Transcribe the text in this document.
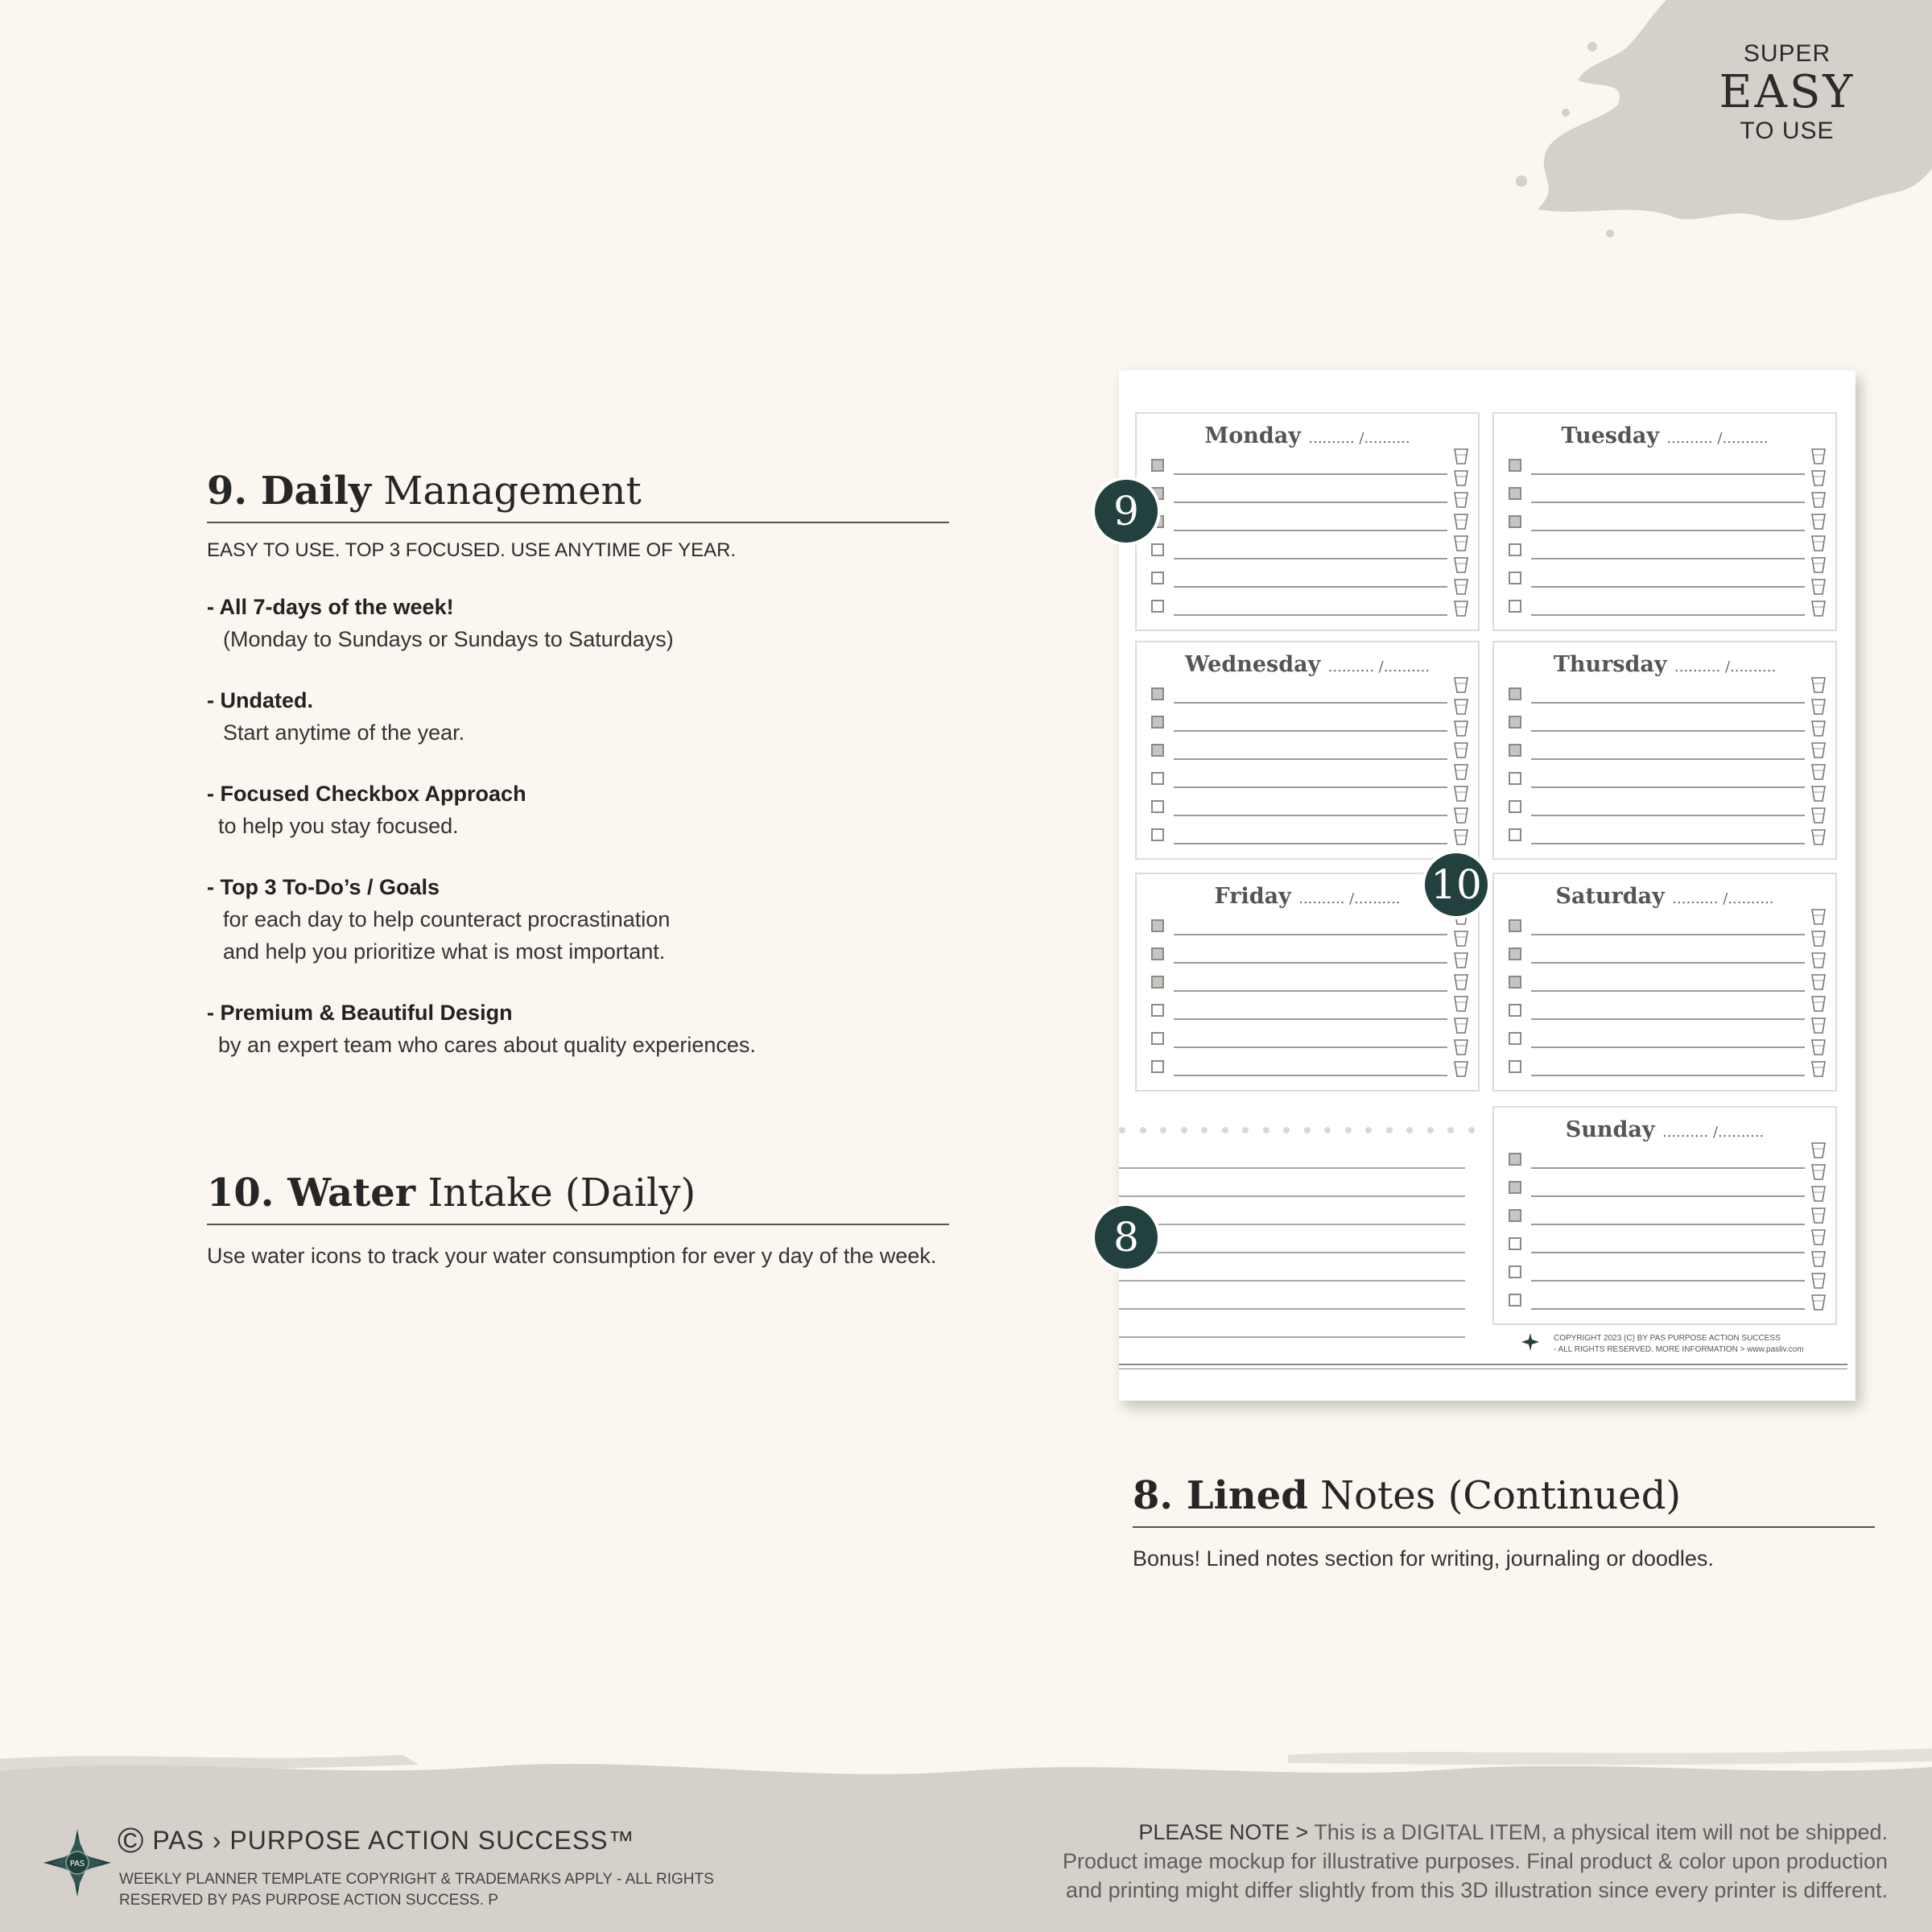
SUPER
EASY
TO USE
9. Daily Management
EASY TO USE. TOP 3 FOCUSED. USE ANYTIME OF YEAR.
- All 7-days of the week!
(Monday to Sundays or Sundays to Saturdays)
- Undated.
Start anytime of the year.
- Focused Checkbox Approach
to help you stay focused.
- Top 3 To-Do’s / Goals
for each day to help counteract procrastination
and help you prioritize what is most important.
- Premium & Beautiful Design
by an expert team who cares about quality experiences.
10. Water Intake (Daily)
Use water icons to track your water consumption for ever y day of the week.
8. Lined Notes (Continued)
Bonus! Lined notes section for writing, journaling or doodles.
Monday .......... /..........	Tuesday .......... /..........
Wednesday .......... /..........	Thursday .......... /..........
Friday .......... /..........	Saturday .......... /..........
Sunday .......... /..........
COPYRIGHT 2023 (C) BY PAS PURPOSE ACTION SUCCESS
- ALL RIGHTS RESERVED. MORE INFORMATION > www.pasliv.com
9
10
8
PAS
© PAS › PURPOSE ACTION SUCCESS™
WEEKLY PLANNER TEMPLATE COPYRIGHT & TRADEMARKS APPLY - ALL RIGHTS RESERVED BY PAS PURPOSE ACTION SUCCESS. P
PLEASE NOTE > This is a DIGITAL ITEM, a physical item will not be shipped.
Product image mockup for illustrative purposes. Final product & color upon production
and printing might differ slightly from this 3D illustration since every printer is different.
